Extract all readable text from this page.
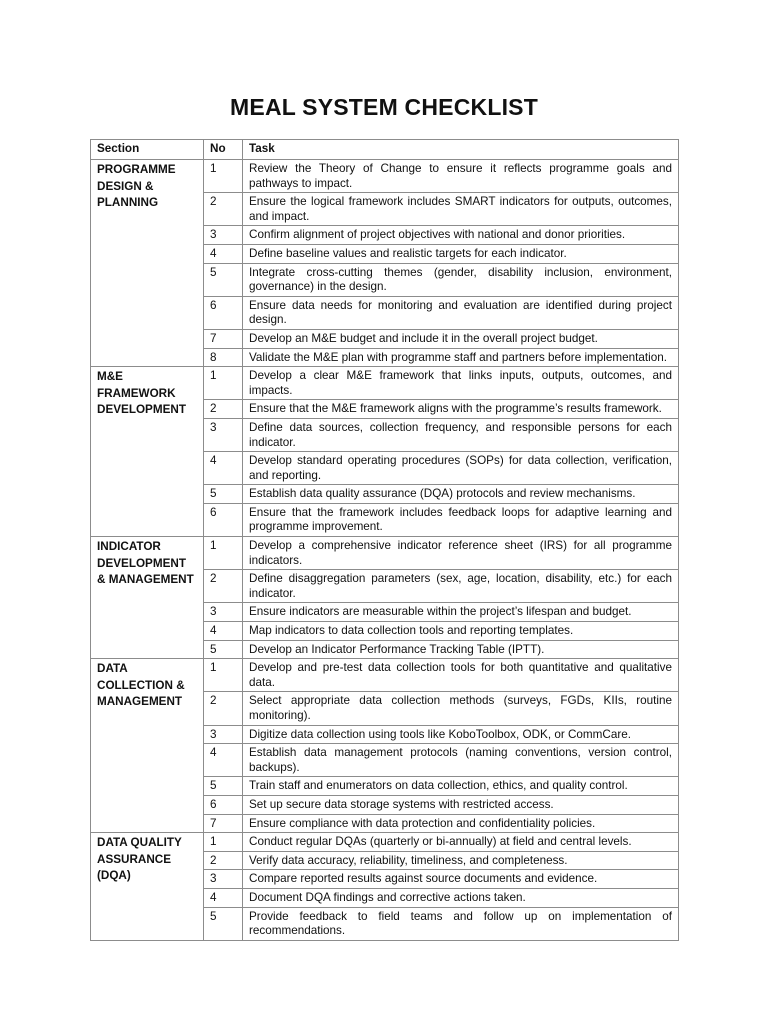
MEAL SYSTEM CHECKLIST
Section	No	Task
PROGRAMME DESIGN & PLANNING	1	Review the Theory of Change to ensure it reflects programme goals and pathways to impact.
	2	Ensure the logical framework includes SMART indicators for outputs, outcomes, and impact.
	3	Confirm alignment of project objectives with national and donor priorities.
	4	Define baseline values and realistic targets for each indicator.
	5	Integrate cross-cutting themes (gender, disability inclusion, environment, governance) in the design.
	6	Ensure data needs for monitoring and evaluation are identified during project design.
	7	Develop an M&E budget and include it in the overall project budget.
	8	Validate the M&E plan with programme staff and partners before implementation.
M&E FRAMEWORK DEVELOPMENT	1	Develop a clear M&E framework that links inputs, outputs, outcomes, and impacts.
	2	Ensure that the M&E framework aligns with the programme’s results framework.
	3	Define data sources, collection frequency, and responsible persons for each indicator.
	4	Develop standard operating procedures (SOPs) for data collection, verification, and reporting.
	5	Establish data quality assurance (DQA) protocols and review mechanisms.
	6	Ensure that the framework includes feedback loops for adaptive learning and programme improvement.
INDICATOR DEVELOPMENT & MANAGEMENT	1	Develop a comprehensive indicator reference sheet (IRS) for all programme indicators.
	2	Define disaggregation parameters (sex, age, location, disability, etc.) for each indicator.
	3	Ensure indicators are measurable within the project’s lifespan and budget.
	4	Map indicators to data collection tools and reporting templates.
	5	Develop an Indicator Performance Tracking Table (IPTT).
DATA COLLECTION & MANAGEMENT	1	Develop and pre-test data collection tools for both quantitative and qualitative data.
	2	Select appropriate data collection methods (surveys, FGDs, KIIs, routine monitoring).
	3	Digitize data collection using tools like KoboToolbox, ODK, or CommCare.
	4	Establish data management protocols (naming conventions, version control, backups).
	5	Train staff and enumerators on data collection, ethics, and quality control.
	6	Set up secure data storage systems with restricted access.
	7	Ensure compliance with data protection and confidentiality policies.
DATA QUALITY ASSURANCE (DQA)	1	Conduct regular DQAs (quarterly or bi-annually) at field and central levels.
	2	Verify data accuracy, reliability, timeliness, and completeness.
	3	Compare reported results against source documents and evidence.
	4	Document DQA findings and corrective actions taken.
	5	Provide feedback to field teams and follow up on implementation of recommendations.
